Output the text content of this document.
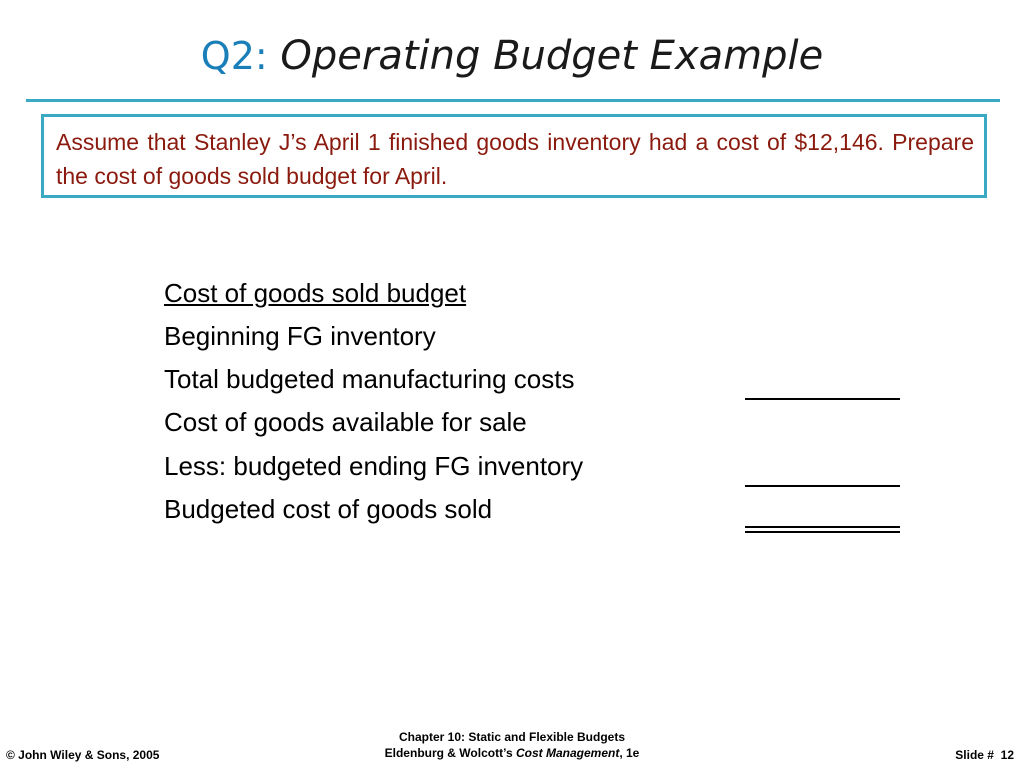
Q2: Operating Budget Example

Assume that Stanley J’s April 1 finished goods inventory had a cost of $12,146. Prepare the cost of goods sold budget for April.

Cost of goods sold budget
Beginning FG inventory
Total budgeted manufacturing costs
Cost of goods available for sale
Less: budgeted ending FG inventory
Budgeted cost of goods sold
© John Wiley & Sons, 2005
Chapter 10: Static and Flexible Budgets
Eldenburg & Wolcott’s Cost Management, 1e	Slide # 12
